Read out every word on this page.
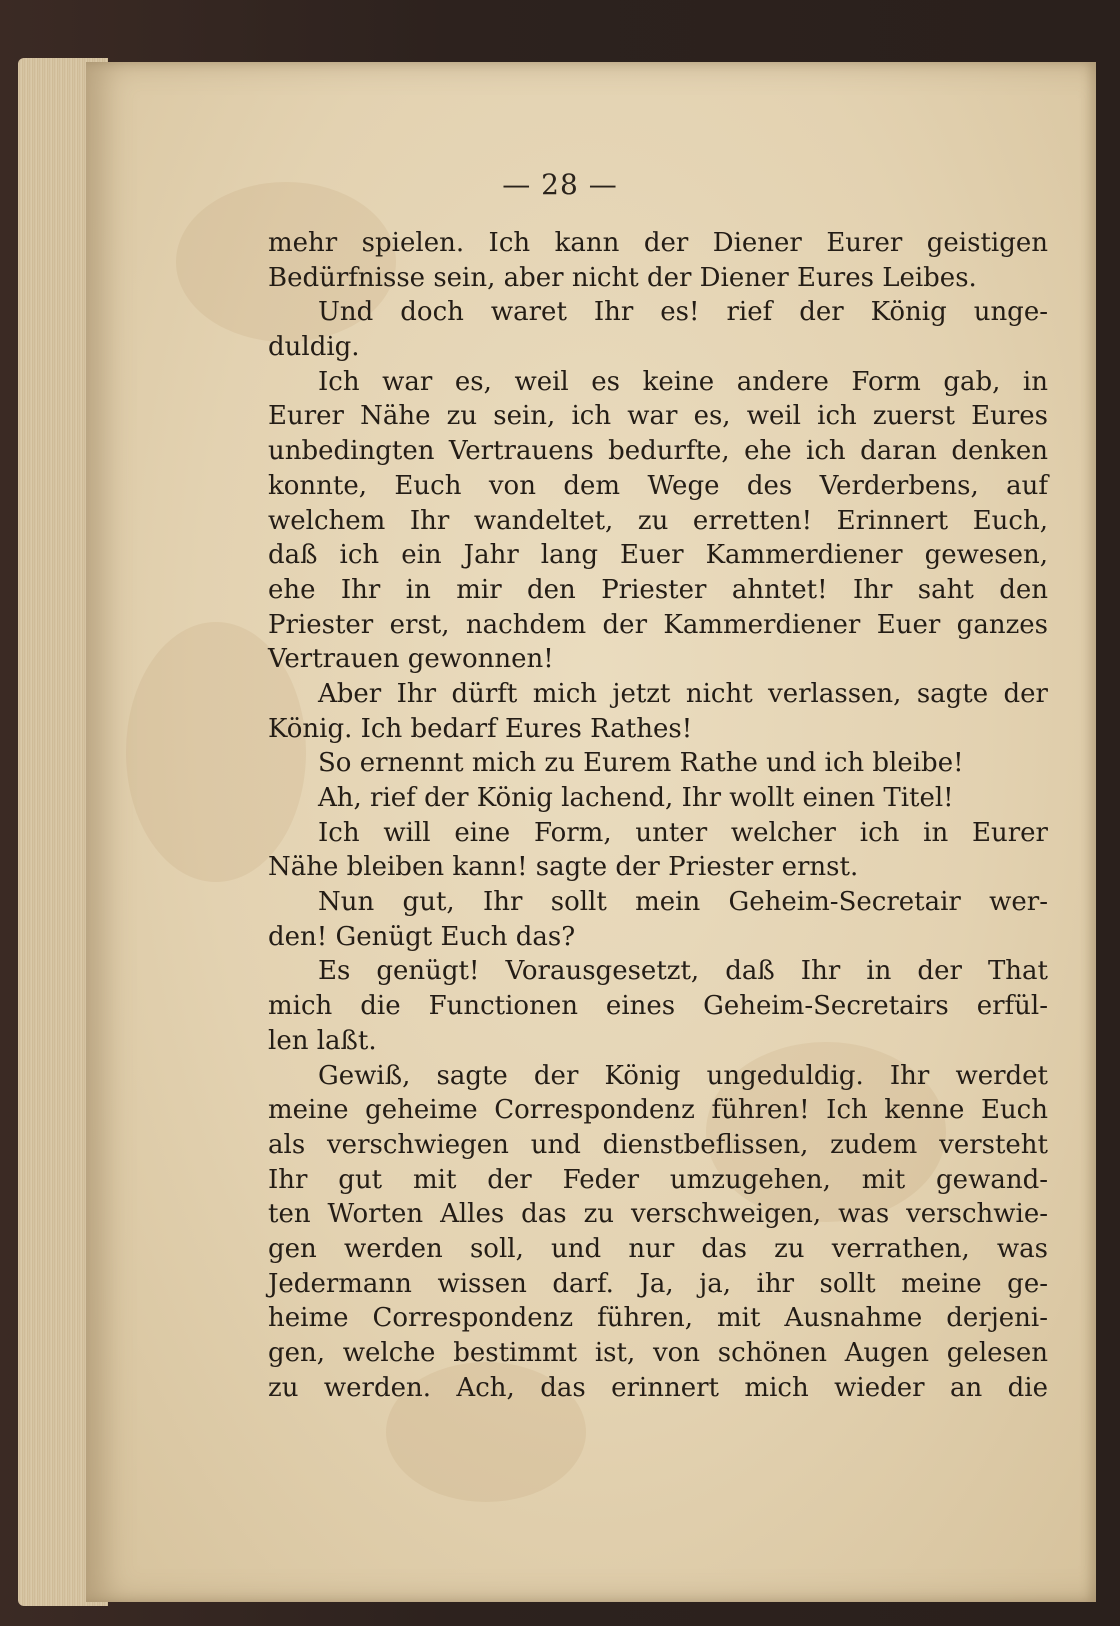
— 28 —
mehr spielen. Ich kann der Diener Eurer geistigen
Bedürfnisse sein, aber nicht der Diener Eures Leibes.
Und doch waret Ihr es! rief der König unge-
duldig.
Ich war es, weil es keine andere Form gab, in
Eurer Nähe zu sein, ich war es, weil ich zuerst Eures
unbedingten Vertrauens bedurfte, ehe ich daran denken
konnte, Euch von dem Wege des Verderbens, auf
welchem Ihr wandeltet, zu erretten! Erinnert Euch,
daß ich ein Jahr lang Euer Kammerdiener gewesen,
ehe Ihr in mir den Priester ahntet! Ihr saht den
Priester erst, nachdem der Kammerdiener Euer ganzes
Vertrauen gewonnen!
Aber Ihr dürft mich jetzt nicht verlassen, sagte der
König. Ich bedarf Eures Rathes!
So ernennt mich zu Eurem Rathe und ich bleibe!
Ah, rief der König lachend, Ihr wollt einen Titel!
Ich will eine Form, unter welcher ich in Eurer
Nähe bleiben kann! sagte der Priester ernst.
Nun gut, Ihr sollt mein Geheim-Secretair wer-
den! Genügt Euch das?
Es genügt! Vorausgesetzt, daß Ihr in der That
mich die Functionen eines Geheim-Secretairs erfül-
len laßt.
Gewiß, sagte der König ungeduldig. Ihr werdet
meine geheime Correspondenz führen! Ich kenne Euch
als verschwiegen und dienstbeflissen, zudem versteht
Ihr gut mit der Feder umzugehen, mit gewand-
ten Worten Alles das zu verschweigen, was verschwie-
gen werden soll, und nur das zu verrathen, was
Jedermann wissen darf. Ja, ja, ihr sollt meine ge-
heime Correspondenz führen, mit Ausnahme derjeni-
gen, welche bestimmt ist, von schönen Augen gelesen
zu werden. Ach, das erinnert mich wieder an die
